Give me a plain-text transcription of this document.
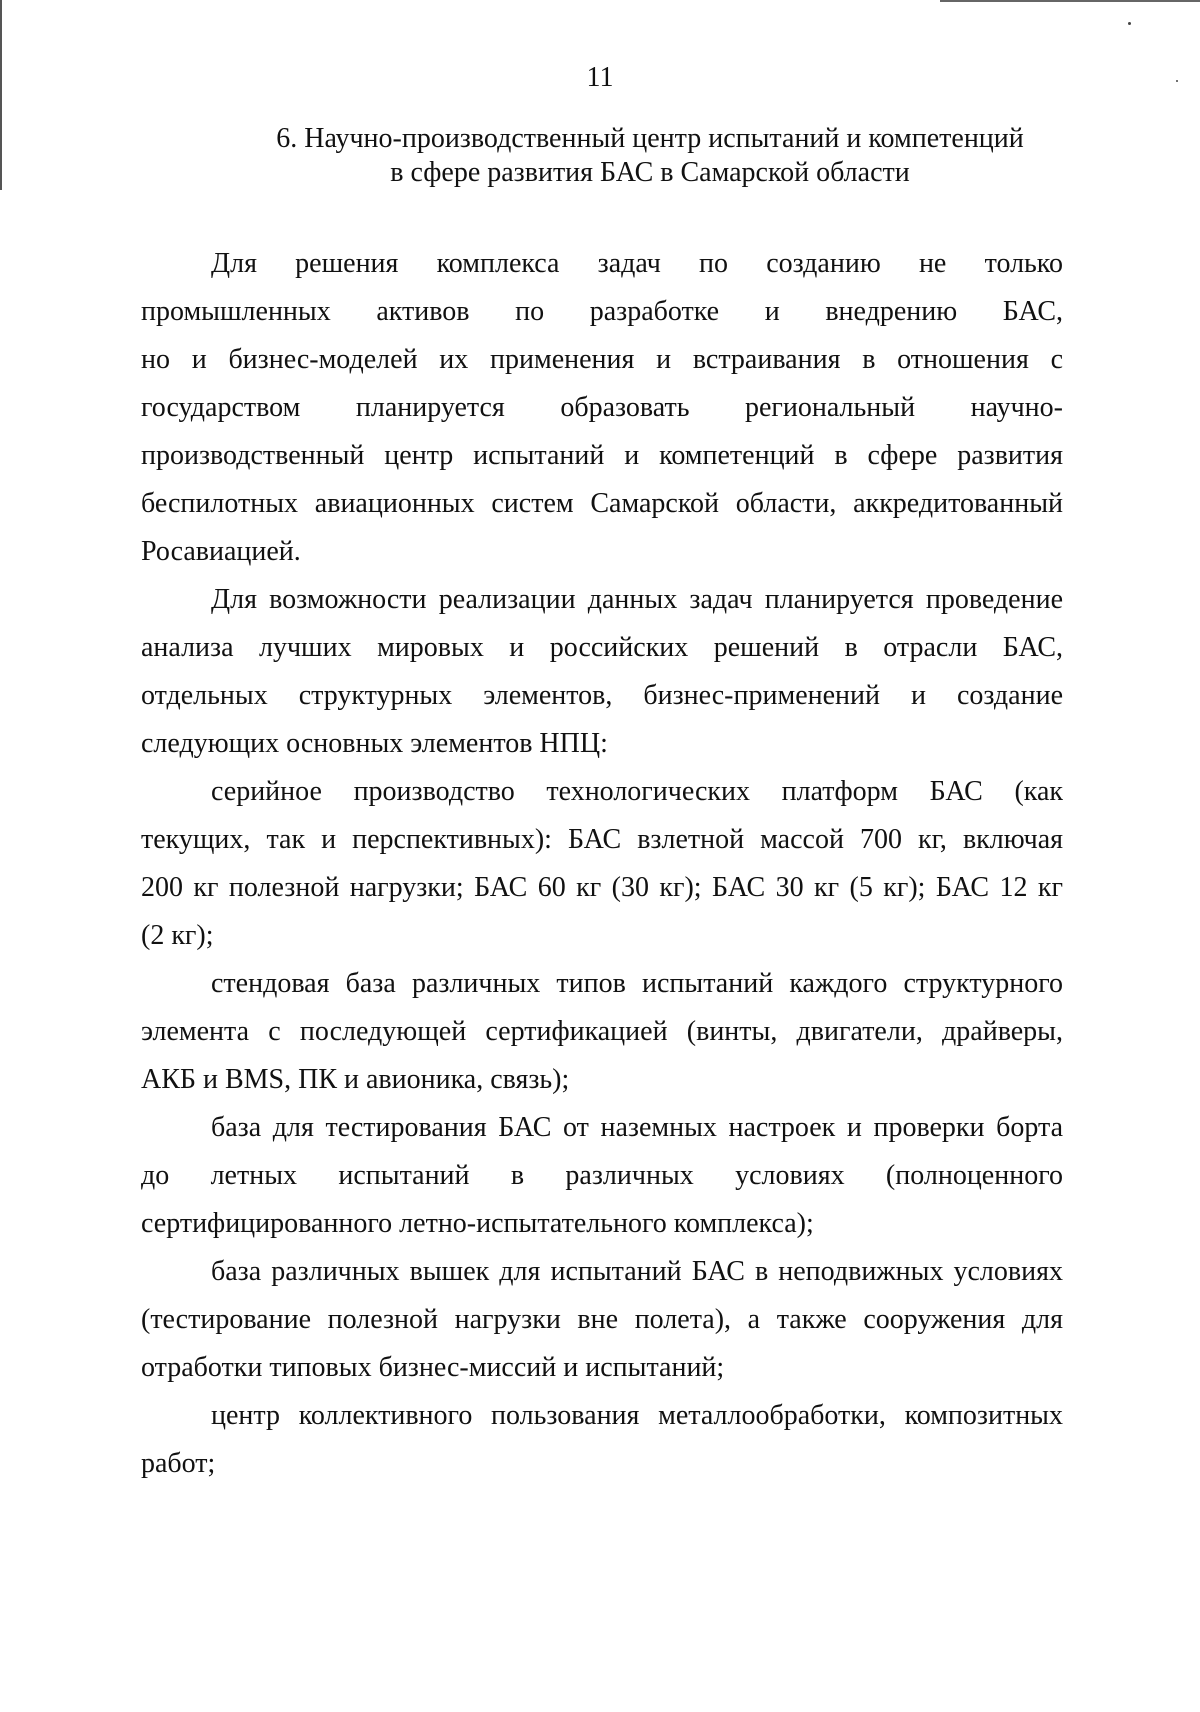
11
6. Научно-производственный центр испытаний и компетенций
в сфере развития БАС в Самарской области
Для решения комплекса задач по созданию не только
промышленных активов по разработке и внедрению БАС,
но и бизнес-моделей их применения и встраивания в отношения с
государством планируется образовать региональный научно-
производственный центр испытаний и компетенций в сфере развития
беспилотных авиационных систем Самарской области, аккредитованный
Росавиацией.
Для возможности реализации данных задач планируется проведение
анализа лучших мировых и российских решений в отрасли БАС,
отдельных структурных элементов, бизнес-применений и создание
следующих основных элементов НПЦ:
серийное производство технологических платформ БАС (как
текущих, так и перспективных): БАС взлетной массой 700 кг, включая
200 кг полезной нагрузки; БАС 60 кг (30 кг); БАС 30 кг (5 кг); БАС 12 кг
(2 кг);
стендовая база различных типов испытаний каждого структурного
элемента с последующей сертификацией (винты, двигатели, драйверы,
АКБ и BMS, ПК и авионика, связь);
база для тестирования БАС от наземных настроек и проверки борта
до летных испытаний в различных условиях (полноценного
сертифицированного летно-испытательного комплекса);
база различных вышек для испытаний БАС в неподвижных условиях
(тестирование полезной нагрузки вне полета), а также сооружения для
отработки типовых бизнес-миссий и испытаний;
центр коллективного пользования металлообработки, композитных
работ;
